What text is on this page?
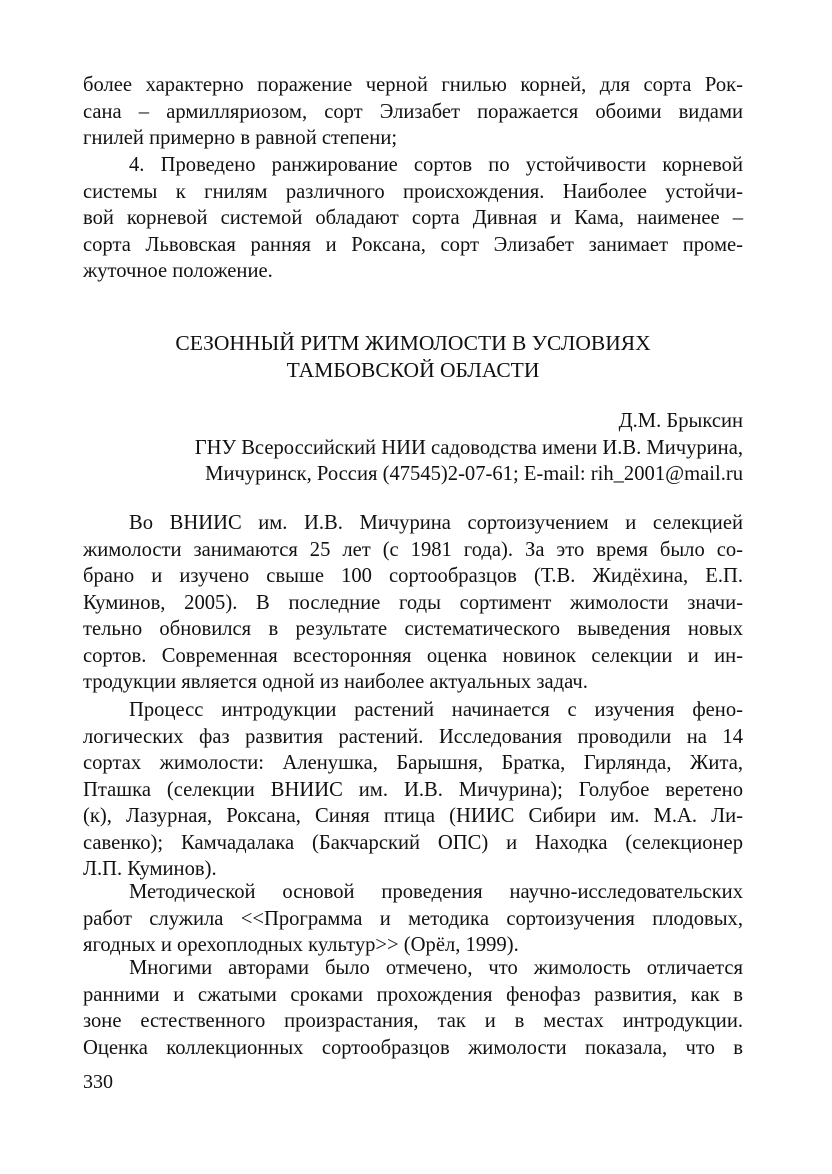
более характерно поражение черной гнилью корней, для сорта Рок-
сана – армилляриозом, сорт Элизабет поражается обоими видами
гнилей примерно в равной степени;
4. Проведено ранжирование сортов по устойчивости корневой
системы к гнилям различного происхождения. Наиболее устойчи-
вой корневой системой обладают сорта Дивная и Кама, наименее –
сорта Львовская ранняя и Роксана, сорт Элизабет занимает проме-
жуточное положение.
СЕЗОННЫЙ РИТМ ЖИМОЛОСТИ В УСЛОВИЯХ
ТАМБОВСКОЙ ОБЛАСТИ
Д.М. Брыксин
ГНУ Всероссийский НИИ садоводства имени И.В. Мичурина,
Мичуринск, Россия (47545)2-07-61; E-mail: rih_2001@mail.ru
Во ВНИИС им. И.В. Мичурина сортоизучением и селекцией
жимолости занимаются 25 лет (с 1981 года). За это время было со-
брано и изучено свыше 100 сортообразцов (Т.В. Жидёхина, Е.П.
Куминов, 2005). В последние годы сортимент жимолости значи-
тельно обновился в результате систематического выведения новых
сортов. Современная всесторонняя оценка новинок селекции и ин-
тродукции является одной из наиболее актуальных задач.
Процесс интродукции растений начинается с изучения фено-
логических фаз развития растений. Исследования проводили на 14
сортах жимолости: Аленушка, Барышня, Братка, Гирлянда, Жита,
Пташка (селекции ВНИИС им. И.В. Мичурина); Голубое веретено
(к), Лазурная, Роксана, Синяя птица (НИИС Сибири им. М.А. Ли-
савенко); Камчадалака (Бакчарский ОПС) и Находка (селекционер
Л.П. Куминов).
Методической основой проведения научно-исследовательских
работ служила <<Программа и методика сортоизучения плодовых,
ягодных и орехоплодных культур>> (Орёл, 1999).
Многими авторами было отмечено, что жимолость отличается
ранними и сжатыми сроками прохождения фенофаз развития, как в
зоне естественного произрастания, так и в местах интродукции.
Оценка коллекционных сортообразцов жимолости показала, что в
330
